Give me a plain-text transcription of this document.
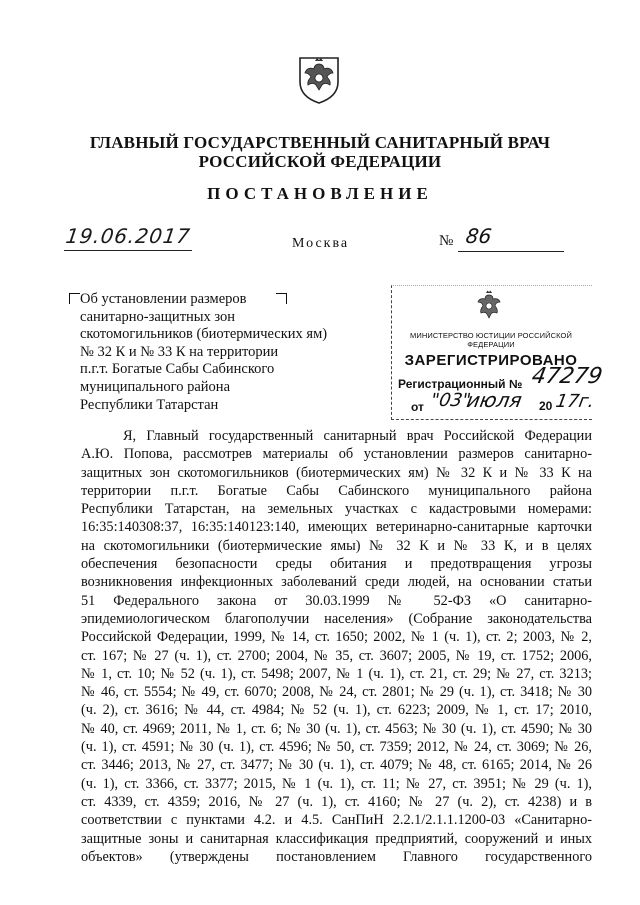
ГЛАВНЫЙ ГОСУДАРСТВЕННЫЙ САНИТАРНЫЙ ВРАЧ
РОССИЙСКОЙ ФЕДЕРАЦИИ
ПОСТАНОВЛЕНИЕ
19.06.2017	Москва	№ 86
Об установлении размеров
санитарно-защитных зон
скотомогильников (биотермических ям)
№ 32 К и № 33 К на территории
п.г.т. Богатые Сабы Сабинского
муниципального района
Республики Татарстан
МИНИСТЕРСТВО ЮСТИЦИИ РОССИЙСКОЙ ФЕДЕРАЦИИ
ЗАРЕГИСТРИРОВАНО
Регистрационный № 47279
от "03"
июля 20 17г.
Я, Главный государственный санитарный врач Российской Федерации
А.Ю. Попова, рассмотрев материалы об установлении размеров санитарно-
защитных зон скотомогильников (биотермических ям) № 32 К и № 33 К на
территории п.г.т. Богатые Сабы Сабинского муниципального района
Республики Татарстан, на земельных участках с кадастровыми номерами:
16:35:140308:37, 16:35:140123:140, имеющих ветеринарно-санитарные карточки
на скотомогильники (биотермические ямы) № 32 К и № 33 К, и в целях
обеспечения безопасности среды обитания и предотвращения угрозы
возникновения инфекционных заболеваний среди людей, на основании статьи
51 Федерального закона от 30.03.1999 № 52-ФЗ «О санитарно-
эпидемиологическом благополучии населения» (Собрание законодательства
Российской Федерации, 1999, № 14, ст. 1650; 2002, № 1 (ч. 1), ст. 2; 2003, № 2,
ст. 167; № 27 (ч. 1), ст. 2700; 2004, № 35, ст. 3607; 2005, № 19, ст. 1752; 2006,
№ 1, ст. 10; № 52 (ч. 1), ст. 5498; 2007, № 1 (ч. 1), ст. 21, ст. 29; № 27, ст. 3213;
№ 46, ст. 5554; № 49, ст. 6070; 2008, № 24, ст. 2801; № 29 (ч. 1), ст. 3418; № 30
(ч. 2), ст. 3616; № 44, ст. 4984; № 52 (ч. 1), ст. 6223; 2009, № 1, ст. 17; 2010,
№ 40, ст. 4969; 2011, № 1, ст. 6; № 30 (ч. 1), ст. 4563; № 30 (ч. 1), ст. 4590; № 30
(ч. 1), ст. 4591; № 30 (ч. 1), ст. 4596; № 50, ст. 7359; 2012, № 24, ст. 3069; № 26,
ст. 3446; 2013, № 27, ст. 3477; № 30 (ч. 1), ст. 4079; № 48, ст. 6165; 2014, № 26
(ч. 1), ст. 3366, ст. 3377; 2015, № 1 (ч. 1), ст. 11; № 27, ст. 3951; № 29 (ч. 1),
ст. 4339, ст. 4359; 2016, № 27 (ч. 1), ст. 4160; № 27 (ч. 2), ст. 4238) и в
соответствии с пунктами 4.2. и 4.5. СанПиН 2.2.1/2.1.1.1200-03 «Санитарно-
защитные зоны и санитарная классификация предприятий, сооружений и иных
объектов» (утверждены постановлением Главного государственного
